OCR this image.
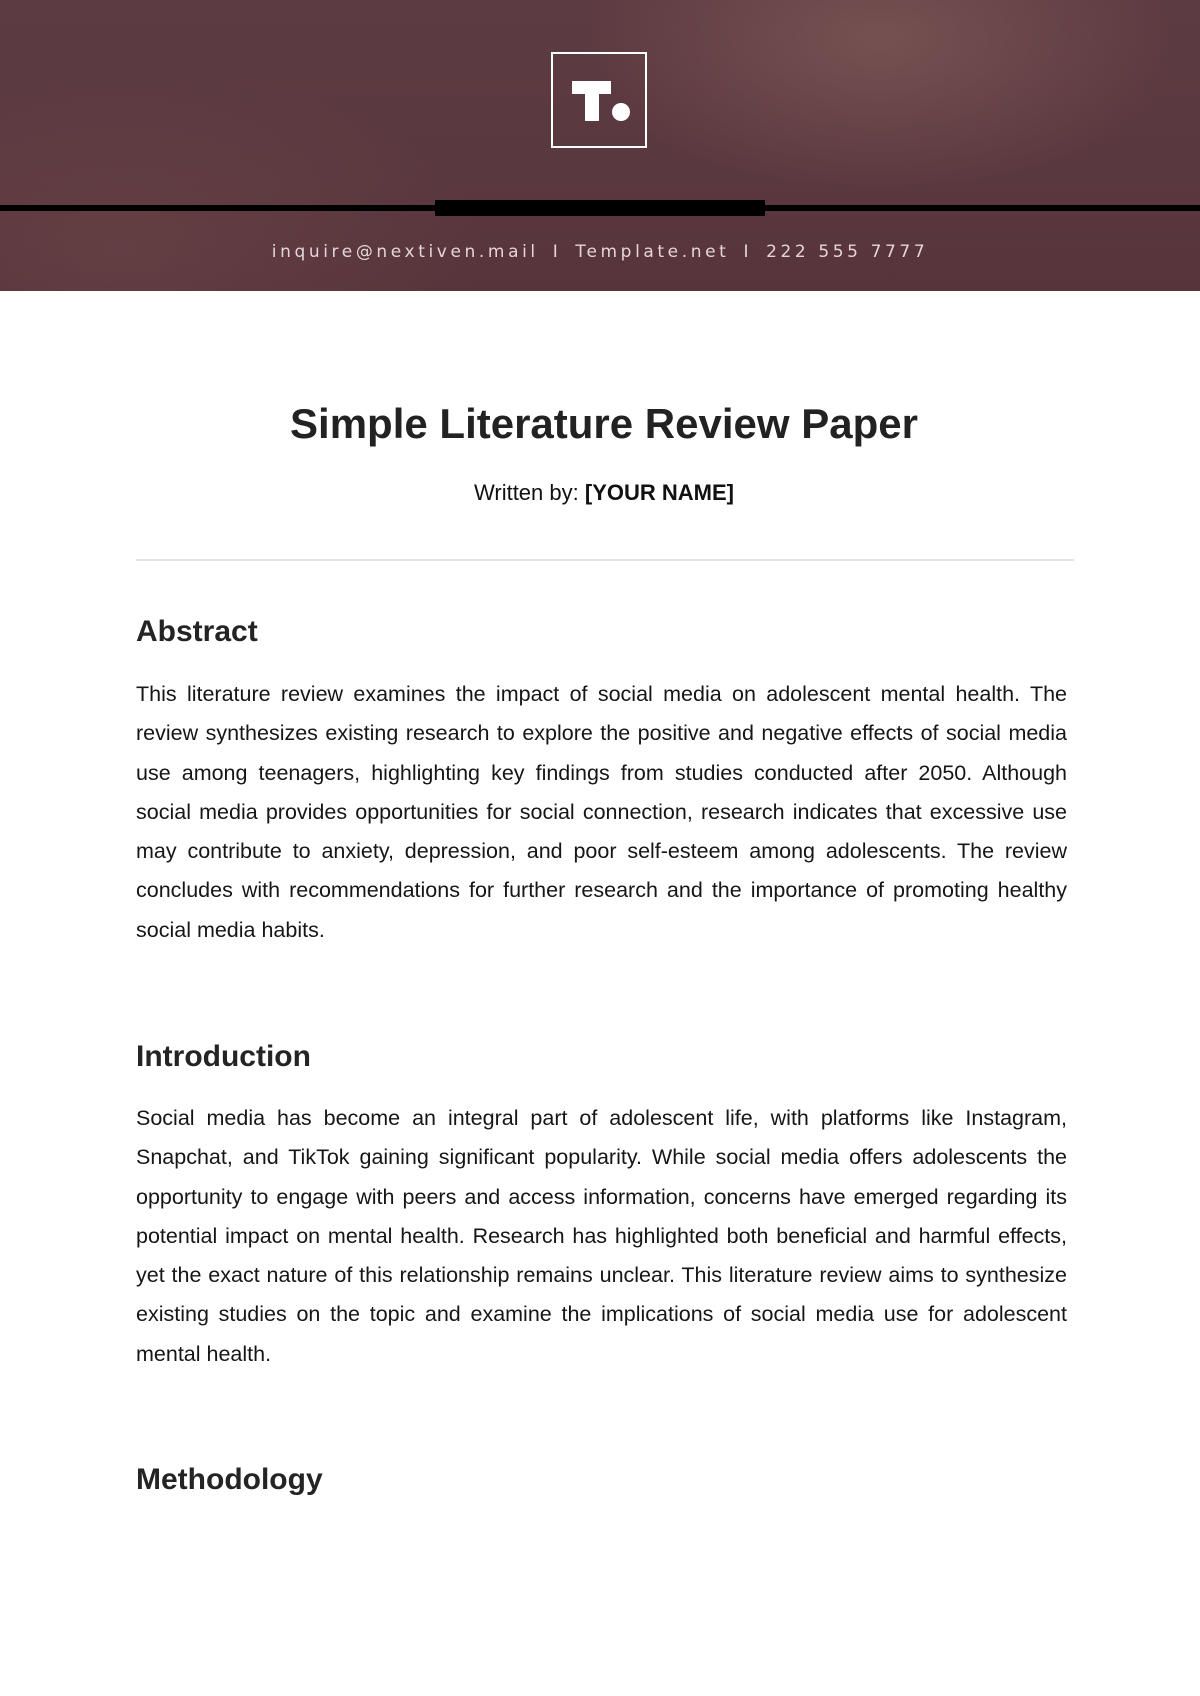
inquire@nextiven.mail I Template.net I 222 555 7777
Simple Literature Review Paper
Written by: [YOUR NAME]
Abstract

This literature review examines the impact of social media on adolescent mental health. The review synthesizes existing research to explore the positive and negative effects of social media use among teenagers, highlighting key findings from studies conducted after 2050. Although social media provides opportunities for social connection, research indicates that excessive use may contribute to anxiety, depression, and poor self-esteem among adolescents. The review concludes with recommendations for further research and the importance of promoting healthy social media habits.

Introduction

Social media has become an integral part of adolescent life, with platforms like Instagram, Snapchat, and TikTok gaining significant popularity. While social media offers adolescents the opportunity to engage with peers and access information, concerns have emerged regarding its potential impact on mental health. Research has highlighted both beneficial and harmful effects, yet the exact nature of this relationship remains unclear. This literature review aims to synthesize existing studies on the topic and examine the implications of social media use for adolescent mental health.

Methodology
